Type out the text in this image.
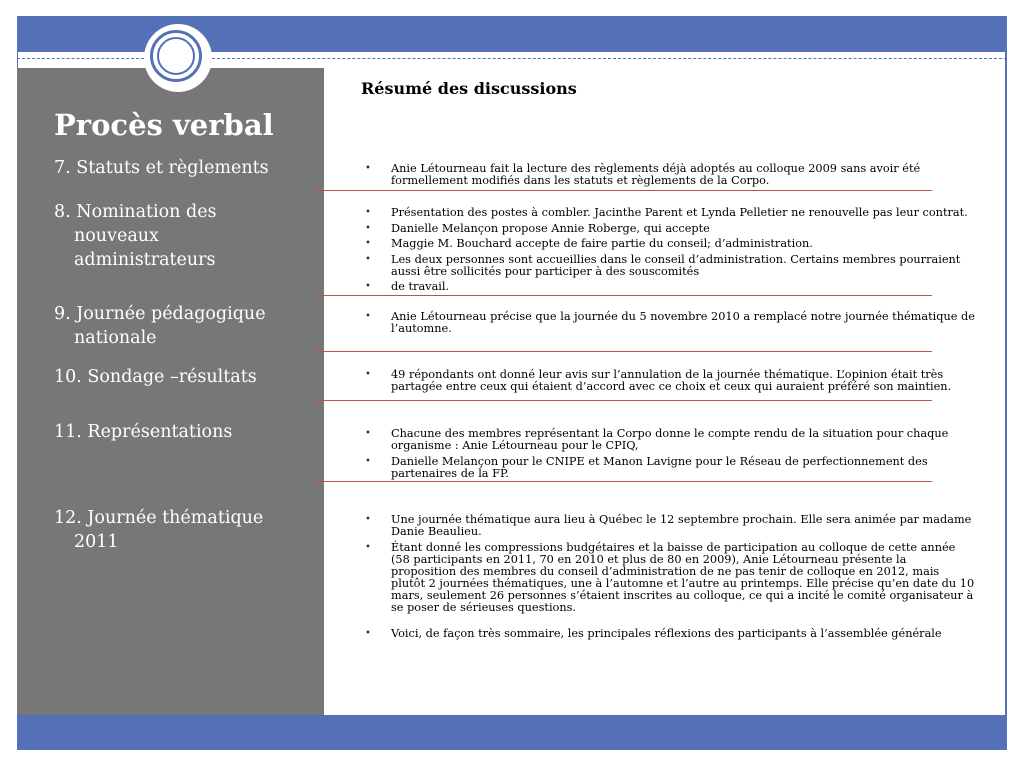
Procès verbal
7. Statuts et règlements
8. Nomination des
nouveaux
administrateurs
9. Journée pédagogique
nationale
10. Sondage –résultats
11. Représentations
12. Journée thématique
2011
Résumé des discussions
• Anie Létourneau fait la lecture des règlements déjà adoptés au colloque 2009 sans avoir été formellement modifiés dans les statuts et règlements de la Corpo.
• Présentation des postes à combler. Jacinthe Parent et Lynda Pelletier ne renouvelle pas leur contrat.
• Danielle Melançon propose Annie Roberge, qui accepte
• Maggie M. Bouchard accepte de faire partie du conseil; d’administration.
• Les deux personnes sont accueillies dans le conseil d’administration. Certains membres pourraient aussi être sollicités pour participer à des souscomités
• de travail.
• Anie Létourneau précise que la journée du 5 novembre 2010 a remplacé notre journée thématique de l’automne.
• 49 répondants ont donné leur avis sur l’annulation de la journée thématique. L’opinion était très partagée entre ceux qui étaient d’accord avec ce choix et ceux qui auraient préféré son maintien.
• Chacune des membres représentant la Corpo donne le compte rendu de la situation pour chaque organisme : Anie Létourneau pour le CPIQ,
• Danielle Melançon pour le CNIPE et Manon Lavigne pour le Réseau de perfectionnement des partenaires de la FP.
• Une journée thématique aura lieu à Québec le 12 septembre prochain. Elle sera animée par madame Danie Beaulieu.
• Étant donné les compressions budgétaires et la baisse de participation au colloque de cette année (58 participants en 2011, 70 en 2010 et plus de 80 en 2009), Anie Létourneau présente la proposition des membres du conseil d’administration de ne pas tenir de colloque en 2012, mais plutôt 2 journées thématiques, une à l’automne et l’autre au printemps. Elle précise qu’en date du 10 mars, seulement 26 personnes s’étaient inscrites au colloque, ce qui a incité le comité organisateur à se poser de sérieuses questions.
• Voici, de façon très sommaire, les principales réflexions des participants à l’assemblée générale
